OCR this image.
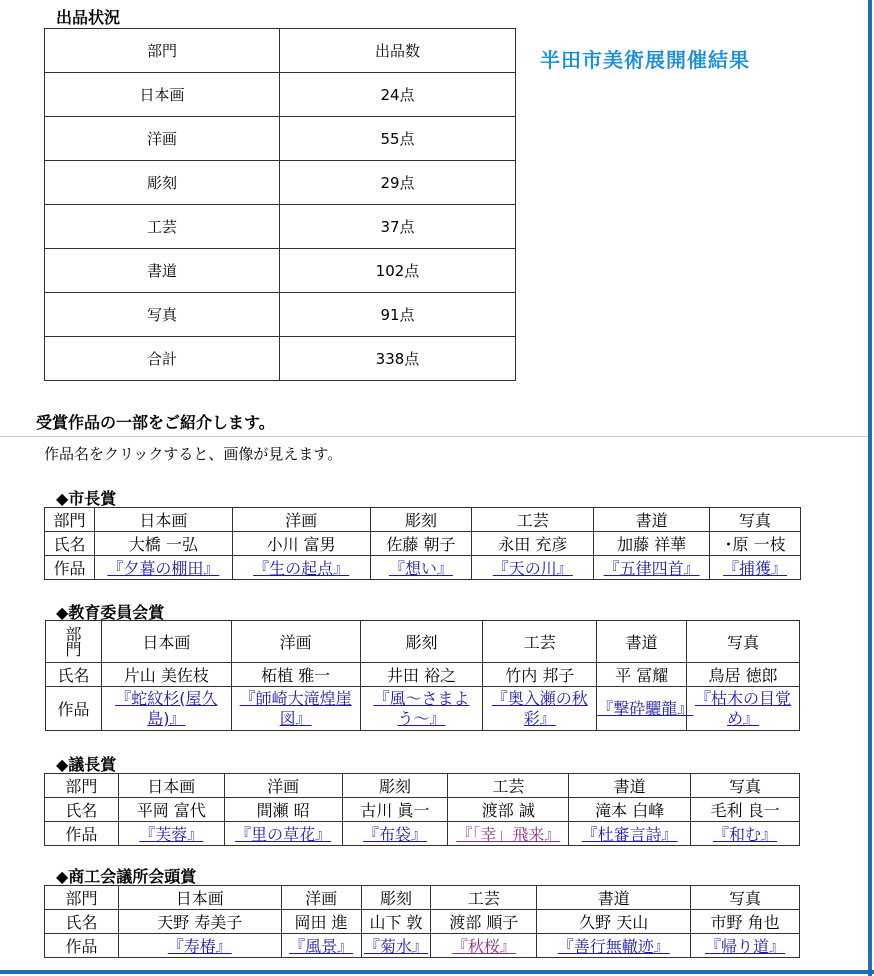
出品状況
半田市美術展開催結果
部門	出品数
日本画	24点
洋画	55点
彫刻	29点
工芸	37点
書道	102点
写真	91点
合計	338点
受賞作品の一部をご紹介します。
作品名をクリックすると、画像が見えます。
◆市長賞
部門	日本画	洋画	彫刻	工芸	書道	写真
氏名	大橋 一弘	小川 富男	佐藤 朝子	永田 充彦	加藤 祥華	･原 一枝
作品	『夕暮の棚田』	『生の起点』	『想い』	『天の川』	『五律四首』	『捕獲』
◆教育委員会賞
部門	日本画	洋画	彫刻	工芸	書道	写真
氏名	片山 美佐枝	柘植 雅一	井田 裕之	竹内 邦子	平 冨耀	鳥居 徳郎
作品	『蛇紋杉(屋久島)』	『師崎大滝煌崖図』	『風〜さまよう〜』	『奥入瀬の秋彩』	『撃砕驪龍』	『枯木の目覚め』
◆議長賞
部門	日本画	洋画	彫刻	工芸	書道	写真
氏名	平岡 富代	間瀬 昭	古川 眞一	渡部 誠	滝本 白峰	毛利 良一
作品	『芙蓉』	『里の草花』	『布袋』	『「幸」飛来』	『杜審言詩』	『和む』
◆商工会議所会頭賞
部門	日本画	洋画	彫刻	工芸	書道	写真
氏名	天野 寿美子	岡田 進	山下 敦	渡部 順子	久野 天山	市野 角也
作品	『寿椿』	『風景』	『菊水』	『秋桜』	『善行無轍迹』	『帰り道』
